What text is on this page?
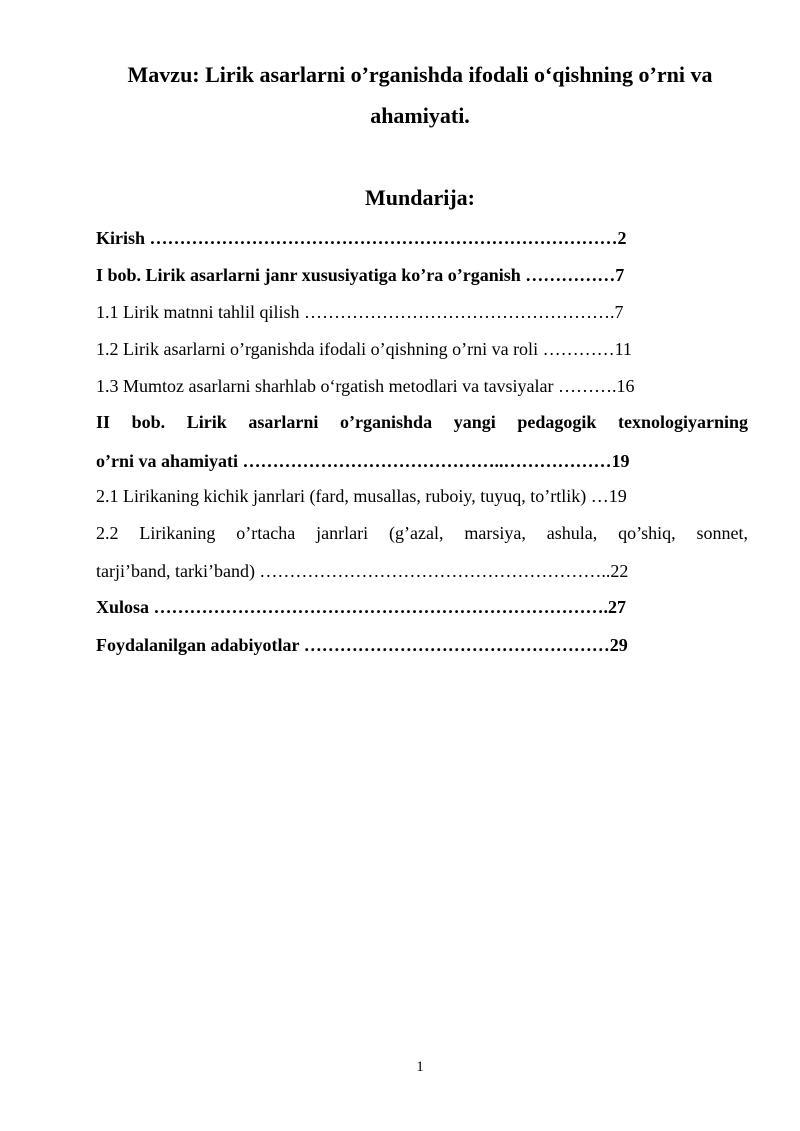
Mavzu: Lirik asarlarni o’rganishda ifodali o‘qishning o’rni va
ahamiyati.
Mundarija:
Kirish ……………………………………………………………………2
I bob. Lirik asarlarni janr xususiyatiga ko’ra o’rganish ……………7
1.1 Lirik matnni tahlil qilish …………………………………………….7
1.2 Lirik asarlarni o’rganishda ifodali o’qishning o’rni va roli …………11
1.3 Mumtoz asarlarni sharhlab o‘rgatish metodlari va tavsiyalar ……….16
II bob. Lirik asarlarni o’rganishda yangi pedagogik texnologiyarning
o’rni va ahamiyati ……………………………………..………………19
2.1 Lirikaning kichik janrlari (fard, musallas, ruboiy, tuyuq, to’rtlik) …19
2.2 Lirikaning o’rtacha janrlari (g’azal, marsiya, ashula, qo’shiq, sonnet,
tarji’band, tarki’band) …………………………………………………..22
Xulosa ………………………………………………………………….27
Foydalanilgan adabiyotlar ……………………………………………29
1
